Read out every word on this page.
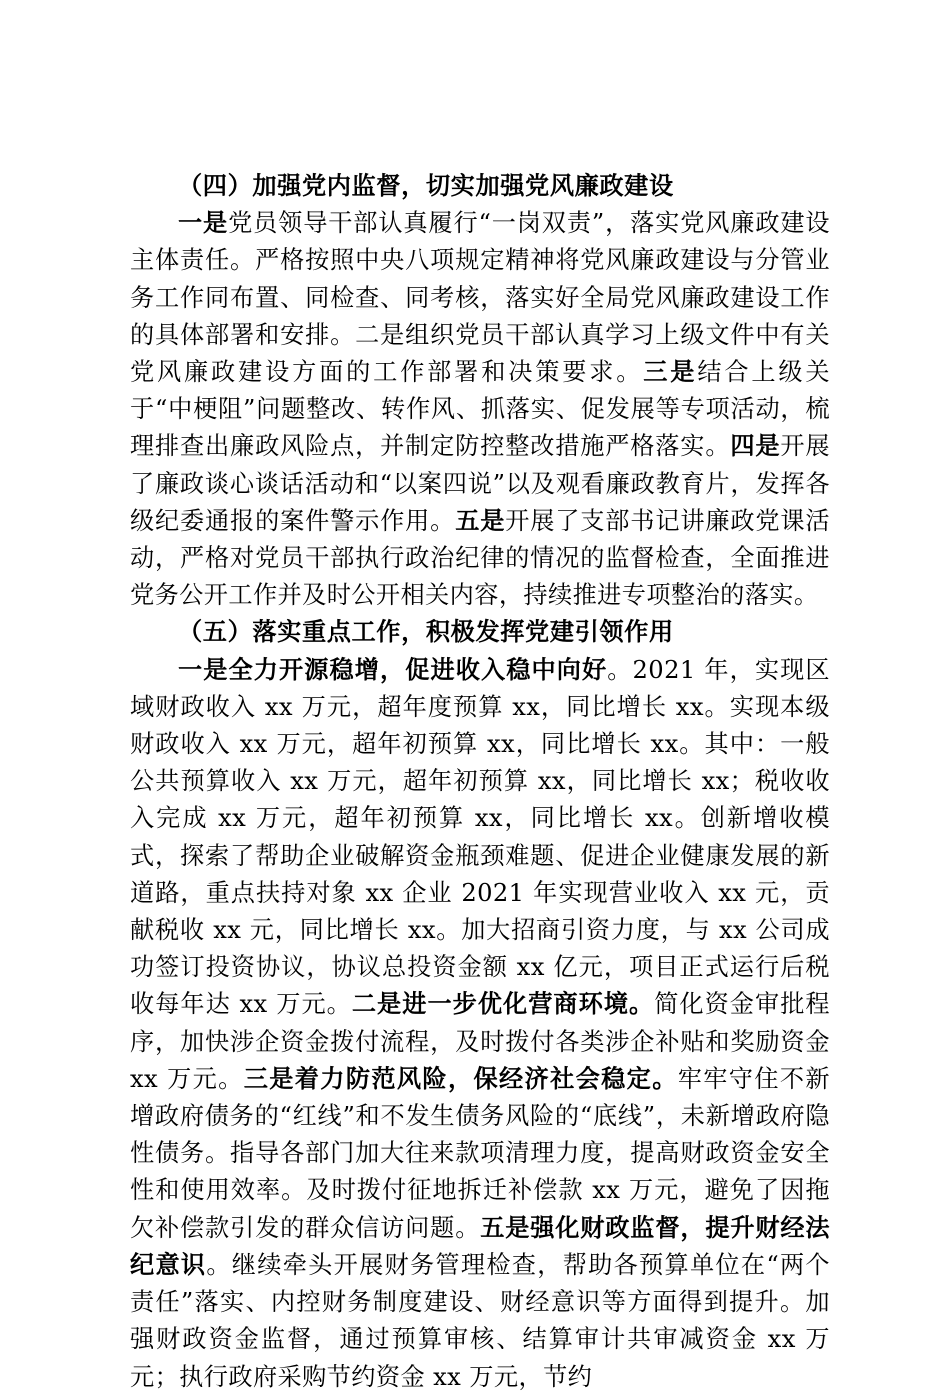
（四）加强党内监督，切实加强党风廉政建设

一是党员领导干部认真履行“一岗双责”，落实党风廉政建设主体责任。严格按照中央八项规定精神将党风廉政建设与分管业务工作同布置、同检查、同考核，落实好全局党风廉政建设工作的具体部署和安排。二是组织党员干部认真学习上级文件中有关党风廉政建设方面的工作部署和决策要求。三是结合上级关于“中梗阻”问题整改、转作风、抓落实、促发展等专项活动，梳理排查出廉政风险点，并制定防控整改措施严格落实。四是开展了廉政谈心谈话活动和“以案四说”以及观看廉政教育片，发挥各级纪委通报的案件警示作用。五是开展了支部书记讲廉政党课活动，严格对党员干部执行政治纪律的情况的监督检查，全面推进党务公开工作并及时公开相关内容，持续推进专项整治的落实。

（五）落实重点工作，积极发挥党建引领作用

一是全力开源稳增，促进收入稳中向好。2021 年，实现区域财政收入 xx 万元，超年度预算 xx，同比增长 xx。实现本级财政收入 xx 万元，超年初预算 xx，同比增长 xx。其中：一般公共预算收入 xx 万元，超年初预算 xx，同比增长 xx；税收收入完成 xx 万元，超年初预算 xx，同比增长 xx。创新增收模式，探索了帮助企业破解资金瓶颈难题、促进企业健康发展的新道路，重点扶持对象 xx 企业 2021 年实现营业收入 xx 元，贡献税收 xx 元，同比增长 xx。加大招商引资力度，与 xx 公司成功签订投资协议，协议总投资金额 xx 亿元，项目正式运行后税收每年达 xx 万元。二是进一步优化营商环境。简化资金审批程序，加快涉企资金拨付流程，及时拨付各类涉企补贴和奖励资金 xx 万元。三是着力防范风险，保经济社会稳定。牢牢守住不新增政府债务的“红线”和不发生债务风险的“底线”，未新增政府隐性债务。指导各部门加大往来款项清理力度，提高财政资金安全性和使用效率。及时拨付征地拆迁补偿款 xx 万元，避免了因拖欠补偿款引发的群众信访问题。五是强化财政监督，提升财经法纪意识。继续牵头开展财务管理检查，帮助各预算单位在“两个责任”落实、内控财务制度建设、财经意识等方面得到提升。加强财政资金监督，通过预算审核、结算审计共审减资金 xx 万元；执行政府采购节约资金 xx 万元，节约
